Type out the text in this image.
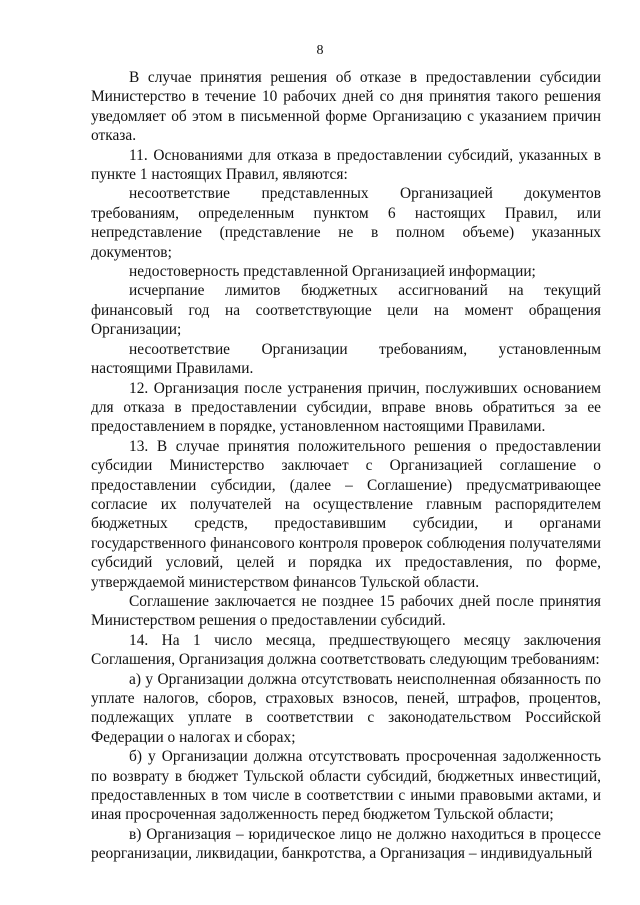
8

В случае принятия решения об отказе в предоставлении субсидии Министерство в течение 10 рабочих дней со дня принятия такого решения уведомляет об этом в письменной форме Организацию с указанием причин отказа.

11. Основаниями для отказа в предоставлении субсидий, указанных в пункте 1 настоящих Правил, являются:

несоответствие представленных Организацией документов требованиям, определенным пунктом 6 настоящих Правил, или непредставление (представление не в полном объеме) указанных документов;

недостоверность представленной Организацией информации;

исчерпание лимитов бюджетных ассигнований на текущий финансовый год на соответствующие цели на момент обращения Организации;

несоответствие Организации требованиям, установленным настоящими Правилами.

12. Организация после устранения причин, послуживших основанием для отказа в предоставлении субсидии, вправе вновь обратиться за ее предоставлением в порядке, установленном настоящими Правилами.

13. В случае принятия положительного решения о предоставлении субсидии Министерство заключает с Организацией соглашение о предоставлении субсидии, (далее – Соглашение) предусматривающее согласие их получателей на осуществление главным распорядителем бюджетных средств, предоставившим субсидии, и органами государственного финансового контроля проверок соблюдения получателями субсидий условий, целей и порядка их предоставления, по форме, утверждаемой министерством финансов Тульской области.

Соглашение заключается не позднее 15 рабочих дней после принятия Министерством решения о предоставлении субсидий.

14. На 1 число месяца, предшествующего месяцу заключения Соглашения, Организация должна соответствовать следующим требованиям:

а) у Организации должна отсутствовать неисполненная обязанность по уплате налогов, сборов, страховых взносов, пеней, штрафов, процентов, подлежащих уплате в соответствии с законодательством Российской Федерации о налогах и сборах;

б) у Организации должна отсутствовать просроченная задолженность по возврату в бюджет Тульской области субсидий, бюджетных инвестиций, предоставленных в том числе в соответствии с иными правовыми актами, и иная просроченная задолженность перед бюджетом Тульской области;

в) Организация – юридическое лицо не должно находиться в процессе реорганизации, ликвидации, банкротства, а Организация – индивидуальный
